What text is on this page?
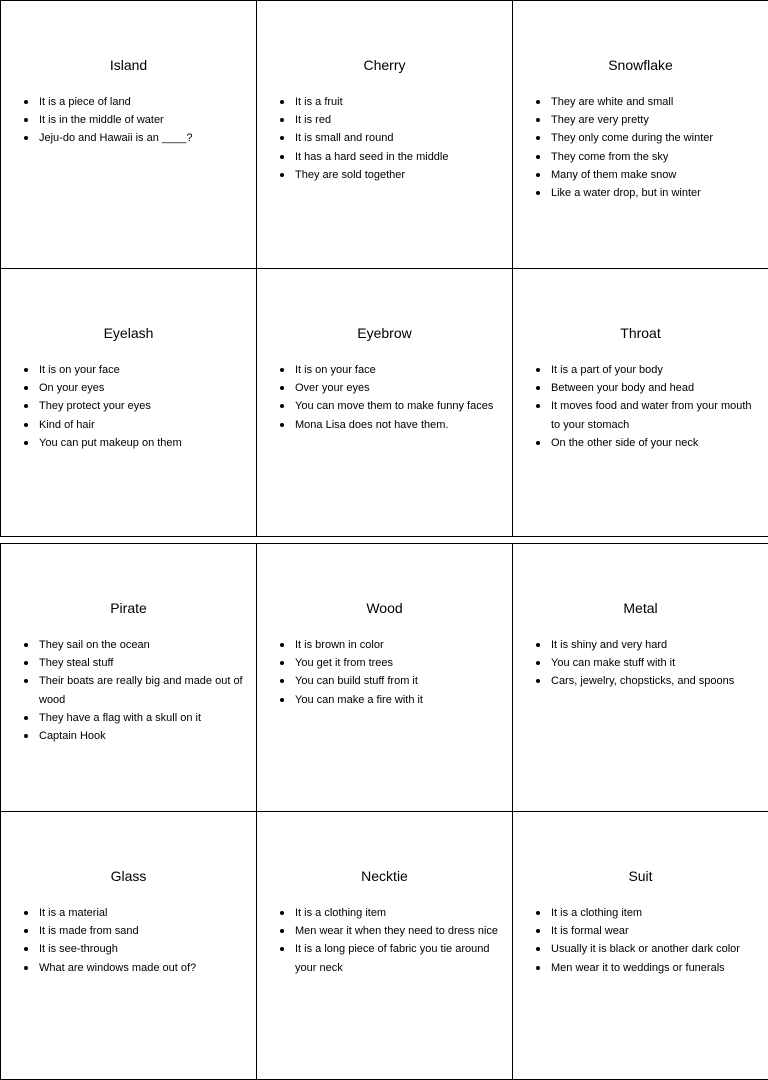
Island
It is a piece of land
It is in the middle of water
Jeju-do and Hawaii is an ____?
Cherry
It is a fruit
It is red
It is small and round
It has a hard seed in the middle
They are sold together
Snowflake
They are white and small
They are very pretty
They only come during the winter
They come from the sky
Many of them make snow
Like a water drop, but in winter
Eyelash
It is on your face
On your eyes
They protect your eyes
Kind of hair
You can put makeup on them
Eyebrow
It is on your face
Over your eyes
You can move them to make funny faces
Mona Lisa does not have them.
Throat
It is a part of your body
Between your body and head
It moves food and water from your mouth to your stomach
On the other side of your neck
Pirate
They sail on the ocean
They steal stuff
Their boats are really big and made out of wood
They have a flag with a skull on it
Captain Hook
Wood
It is brown in color
You get it from trees
You can build stuff from it
You can make a fire with it
Metal
It is shiny and very hard
You can make stuff with it
Cars, jewelry, chopsticks, and spoons
Glass
It is a material
It is made from sand
It is see-through
What are windows made out of?
Necktie
It is a clothing item
Men wear it when they need to dress nice
It is a long piece of fabric you tie around your neck
Suit
It is a clothing item
It is formal wear
Usually it is black or another dark color
Men wear it to weddings or funerals
